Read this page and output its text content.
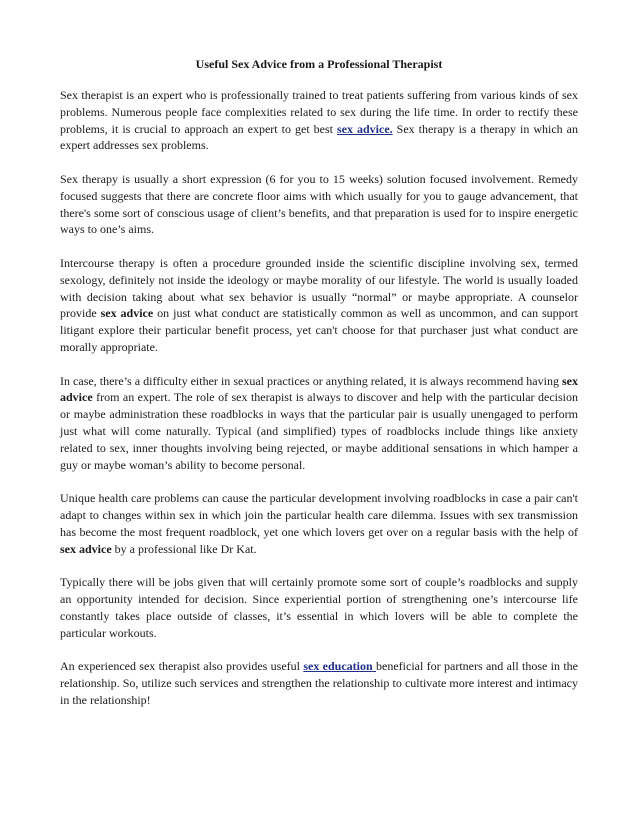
Useful Sex Advice from a Professional Therapist

Sex therapist is an expert who is professionally trained to treat patients suffering from various kinds of sex problems. Numerous people face complexities related to sex during the life time. In order to rectify these problems, it is crucial to approach an expert to get best sex advice. Sex therapy is a therapy in which an expert addresses sex problems.

Sex therapy is usually a short expression (6 for you to 15 weeks) solution focused involvement. Remedy focused suggests that there are concrete floor aims with which usually for you to gauge advancement, that there's some sort of conscious usage of client’s benefits, and that preparation is used for to inspire energetic ways to one’s aims.

Intercourse therapy is often a procedure grounded inside the scientific discipline involving sex, termed sexology, definitely not inside the ideology or maybe morality of our lifestyle. The world is usually loaded with decision taking about what sex behavior is usually “normal” or maybe appropriate. A counselor provide sex advice on just what conduct are statistically common as well as uncommon, and can support litigant explore their particular benefit process, yet can't choose for that purchaser just what conduct are morally appropriate.

In case, there’s a difficulty either in sexual practices or anything related, it is always recommend having sex advice from an expert. The role of sex therapist is always to discover and help with the particular decision or maybe administration these roadblocks in ways that the particular pair is usually unengaged to perform just what will come naturally. Typical (and simplified) types of roadblocks include things like anxiety related to sex, inner thoughts involving being rejected, or maybe additional sensations in which hamper a guy or maybe woman’s ability to become personal.

Unique health care problems can cause the particular development involving roadblocks in case a pair can't adapt to changes within sex in which join the particular health care dilemma. Issues with sex transmission has become the most frequent roadblock, yet one which lovers get over on a regular basis with the help of sex advice by a professional like Dr Kat.

Typically there will be jobs given that will certainly promote some sort of couple’s roadblocks and supply an opportunity intended for decision. Since experiential portion of strengthening one’s intercourse life constantly takes place outside of classes, it’s essential in which lovers will be able to complete the particular workouts.

An experienced sex therapist also provides useful sex education beneficial for partners and all those in the relationship. So, utilize such services and strengthen the relationship to cultivate more interest and intimacy in the relationship!
